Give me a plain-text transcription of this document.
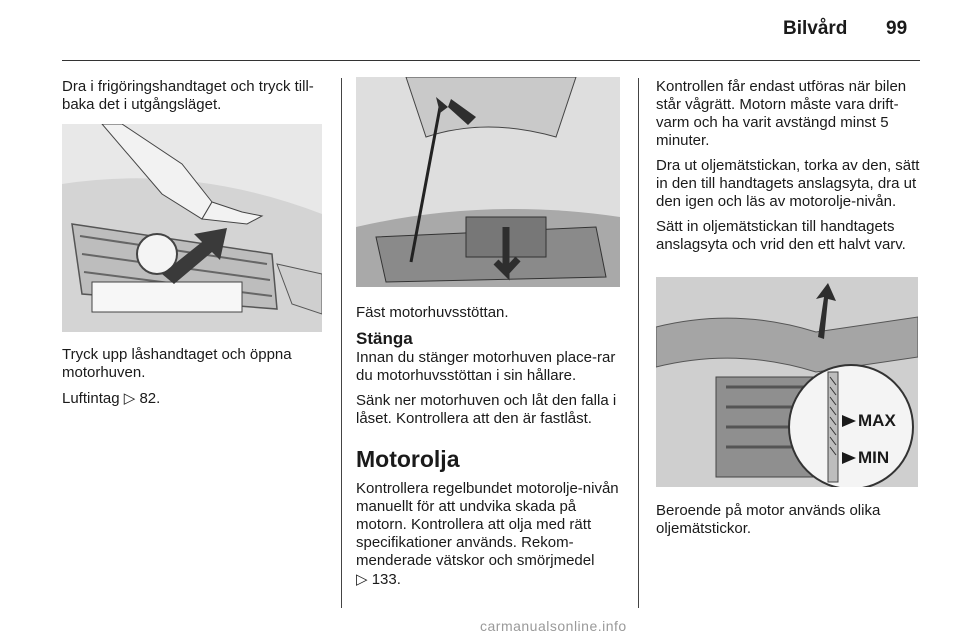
Bilvård 99

Dra i frigöringshandtaget och tryck till-baka det i utgångsläget.

Tryck upp låshandtaget och öppna motorhuven.

Luftintag ▷ 82.

Fäst motorhuvsstöttan.

Stänga

Innan du stänger motorhuven place-rar du motorhuvsstöttan i sin hållare.

Sänk ner motorhuven och låt den falla i låset. Kontrollera att den är fastlåst.

Motorolja

Kontrollera regelbundet motorolje-nivån manuellt för att undvika skada på motorn. Kontrollera att olja med rätt specifikationer används. Rekom-menderade vätskor och smörjmedel
▷ 133.

Kontrollen får endast utföras när bilen står vågrätt. Motorn måste vara drift-varm och ha varit avstängd minst 5 minuter.

Dra ut oljemätstickan, torka av den, sätt in den till handtagets anslagsyta, dra ut den igen och läs av motorolje-nivån.

Sätt in oljemätstickan till handtagets anslagsyta och vrid den ett halvt varv.

MAX
MIN

Beroende på motor används olika oljemätstickor.

carmanualsonline.info
